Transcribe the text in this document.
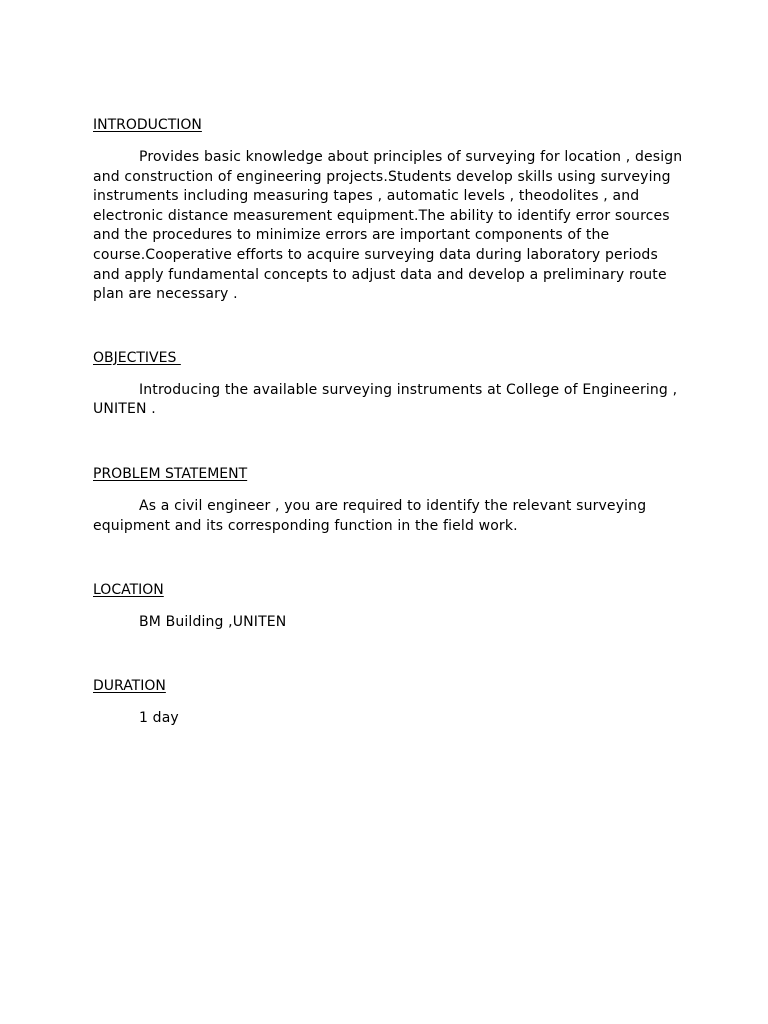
INTRODUCTION

Provides basic knowledge about principles of surveying for location , design and construction of engineering projects.Students develop skills using surveying instruments including measuring tapes , automatic levels , theodolites , and electronic distance measurement equipment.The ability to identify error sources and the procedures to minimize errors are important components of the course.Cooperative efforts to acquire surveying data during laboratory periods and apply fundamental concepts to adjust data and develop a preliminary route plan are necessary .

OBJECTIVES

Introducing the available surveying instruments at College of Engineering , UNITEN .

PROBLEM STATEMENT

As a civil engineer , you are required to identify the relevant surveying equipment and its corresponding function in the field work.

LOCATION

BM Building ,UNITEN

DURATION

1 day
